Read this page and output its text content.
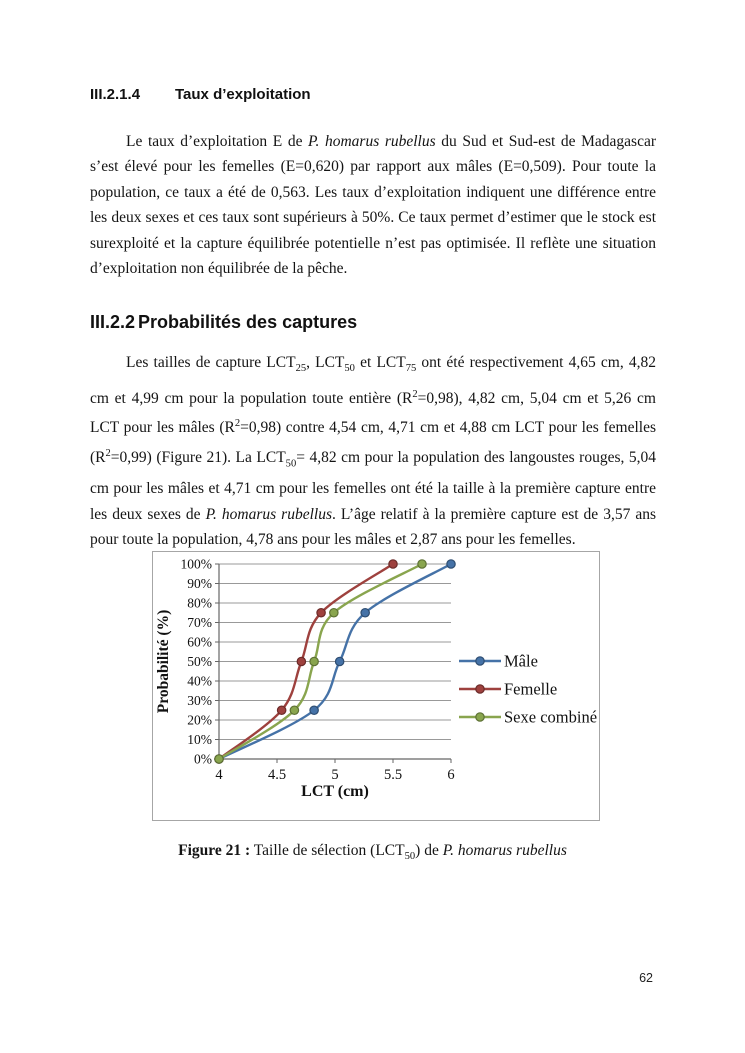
III.2.1.4 Taux d’exploitation

Le taux d’exploitation E de P. homarus rubellus du Sud et Sud-est de Madagascar s’est élevé pour les femelles (E=0,620) par rapport aux mâles (E=0,509). Pour toute la population, ce taux a été de 0,563. Les taux d’exploitation indiquent une différence entre les deux sexes et ces taux sont supérieurs à 50%. Ce taux permet d’estimer que le stock est surexploité et la capture équilibrée potentielle n’est pas optimisée. Il reflète une situation d’exploitation non équilibrée de la pêche.

III.2.2 Probabilités des captures

Les tailles de capture $LCT_{25}$, $LCT_{50}$ et $LCT_{75}$ ont été respectivement 4,65 cm, 4,82 cm et 4,99 cm pour la population toute entière $(R^2=0,98)$, 4,82 cm, 5,04 cm et 5,26 cm LCT pour les mâles $(R^2=0,98)$ contre 4,54 cm, 4,71 cm et 4,88 cm LCT pour les femelles $(R^2=0,99)$ (Figure 21). La $LCT_{50}= 4,82$ cm pour la population des langoustes rouges, 5,04 cm pour les mâles et 4,71 cm pour les femelles ont été la taille à la première capture entre les deux sexes de P. homarus rubellus. L’âge relatif à la première capture est de 3,57 ans pour toute la population, 4,78 ans pour les mâles et 2,87 ans pour les femelles.

0%
10%
20%
30%
40%
50%
60%
70%
80%
90%
100%
4	4.5	5	5.5	6
Probabilité (%)
LCT (cm)
Mâle
Femelle
Sexe combiné
Figure 21 : Taille de sélection $(LCT_{50})$ de P. homarus rubellus
62
